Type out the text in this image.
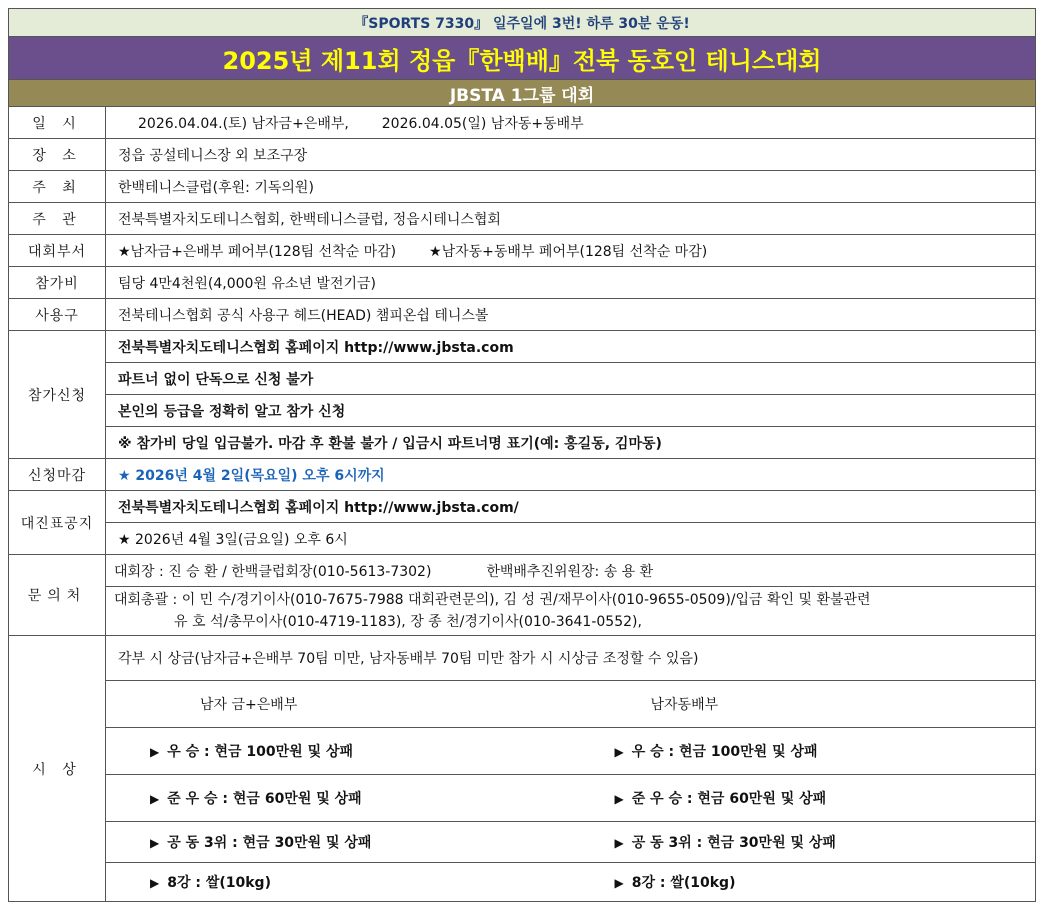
『SPORTS 7330』 일주일에 3번! 하루 30분 운동!
2025년 제11회 정읍『한백배』전북 동호인 테니스대회
JBSTA 1그룹 대회
일 시	2026.04.04.(토) 남자금+은배부, 2026.04.05(일) 남자동+동배부
장 소	정읍 공설테니스장 외 보조구장
주 최	한백테니스클럽(후원: 기독의원)
주 관	전북특별자치도테니스협회, 한백테니스클럽, 정읍시테니스협회
대회부서	★남자금+은배부 페어부(128팀 선착순 마감) ★남자동+동배부 페어부(128팀 선착순 마감)
참가비	팀당 4만4천원(4,000원 유소년 발전기금)
사용구	전북테니스협회 공식 사용구 헤드(HEAD) 챔피온쉽 테니스볼
참가신청	전북특별자치도테니스협회 홈페이지 http://www.jbsta.com
	파트너 없이 단독으로 신청 불가
	본인의 등급을 정확히 알고 참가 신청
	※ 참가비 당일 입금불가. 마감 후 환불 불가 / 입금시 파트너명 표기(예: 홍길동, 김마동)
신청마감	★ 2026년 4월 2일(목요일) 오후 6시까지
대진표공지	전북특별자치도테니스협회 홈페이지 http://www.jbsta.com/
	★ 2026년 4월 3일(금요일) 오후 6시
문의처	대회장 : 진 승 환 / 한백클럽회장(010-5613-7302) 한백배추진위원장: 송 용 환

	대회총괄 : 이 민 수/경기이사(010-7675-7988 대회관련문의), 김 성 권/재무이사(010-9655-0509)/입금 확인 및 환불관련
유 호 석/총무이사(010-4719-1183), 장 종 천/경기이사(010-3641-0552),

시 상	각부 시 상금(남자금+은배부 70팀 미만, 남자동배부 70팀 미만 참가 시 시상금 조정할 수 있음)

	남자 금+은배부 남자동배부

	▶ 우 승 : 현금 100만원 및 상패 ▶ 우 승 : 현금 100만원 및 상패

	▶ 준 우 승 : 현금 60만원 및 상패 ▶ 준 우 승 : 현금 60만원 및 상패

	▶ 공 동 3위 : 현금 30만원 및 상패 ▶ 공 동 3위 : 현금 30만원 및 상패

	▶ 8강 : 쌀(10kg) ▶ 8강 : 쌀(10kg)
